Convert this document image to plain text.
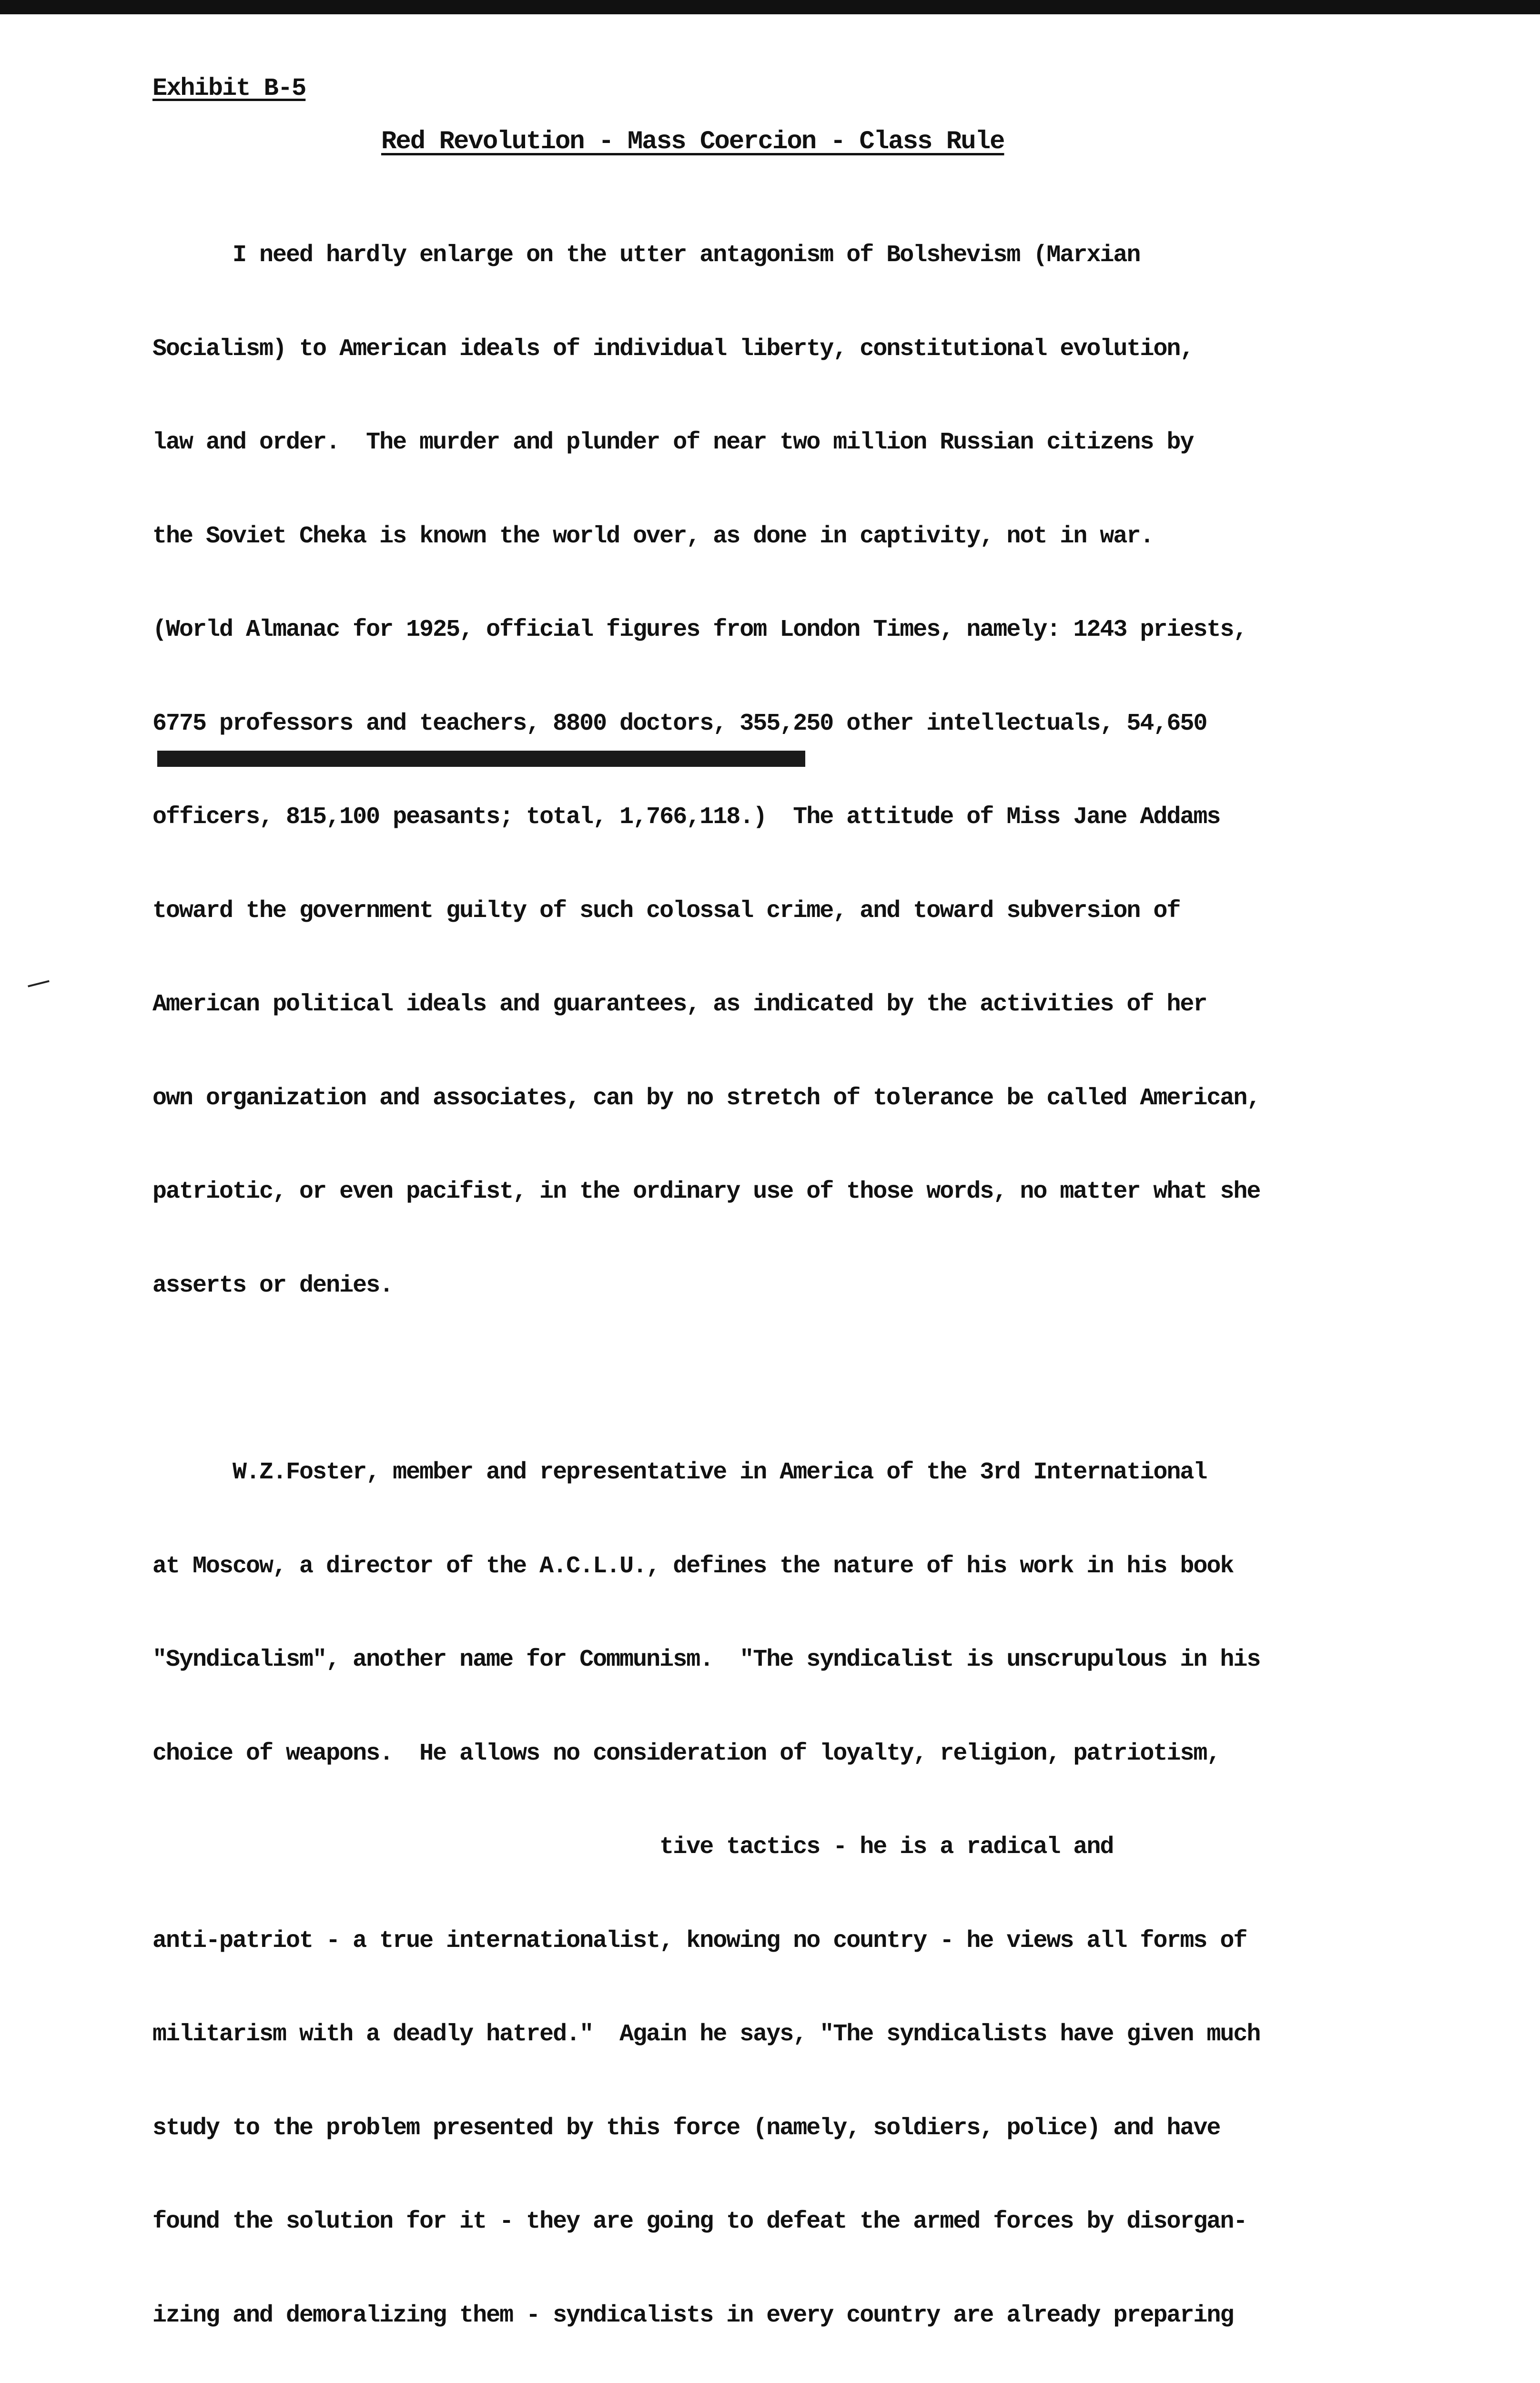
Exhibit B-5
Red Revolution - Mass Coercion - Class Rule

I need hardly enlarge on the utter antagonism of Bolshevism (Marxian

Socialism) to American ideals of individual liberty, constitutional evolution,

law and order.  The murder and plunder of near two million Russian citizens by

the Soviet Cheka is known the world over, as done in captivity, not in war.

(World Almanac for 1925, official figures from London Times, namely: 1243 priests,

6775 professors and teachers, 8800 doctors, 355,250 other intellectuals, 54,650

officers, 815,100 peasants; total, 1,766,118.)  The attitude of Miss Jane Addams

toward the government guilty of such colossal crime, and toward subversion of

American political ideals and guarantees, as indicated by the activities of her

own organization and associates, can by no stretch of tolerance be called American,

patriotic, or even pacifist, in the ordinary use of those words, no matter what she

asserts or denies.

W.Z.Foster, member and representative in America of the 3rd International

at Moscow, a director of the A.C.L.U., defines the nature of his work in his book

"Syndicalism", another name for Communism.  "The syndicalist is unscrupulous in his

choice of weapons.  He allows no consideration of loyalty, religion, patriotism,

tive tactics - he is a radical and

anti-patriot - a true internationalist, knowing no country - he views all forms of

militarism with a deadly hatred."  Again he says, "The syndicalists have given much

study to the problem presented by this force (namely, soldiers, police) and have

found the solution for it - they are going to defeat the armed forces by disorgan-

izing and demoralizing them - syndicalists in every country are already preparing
